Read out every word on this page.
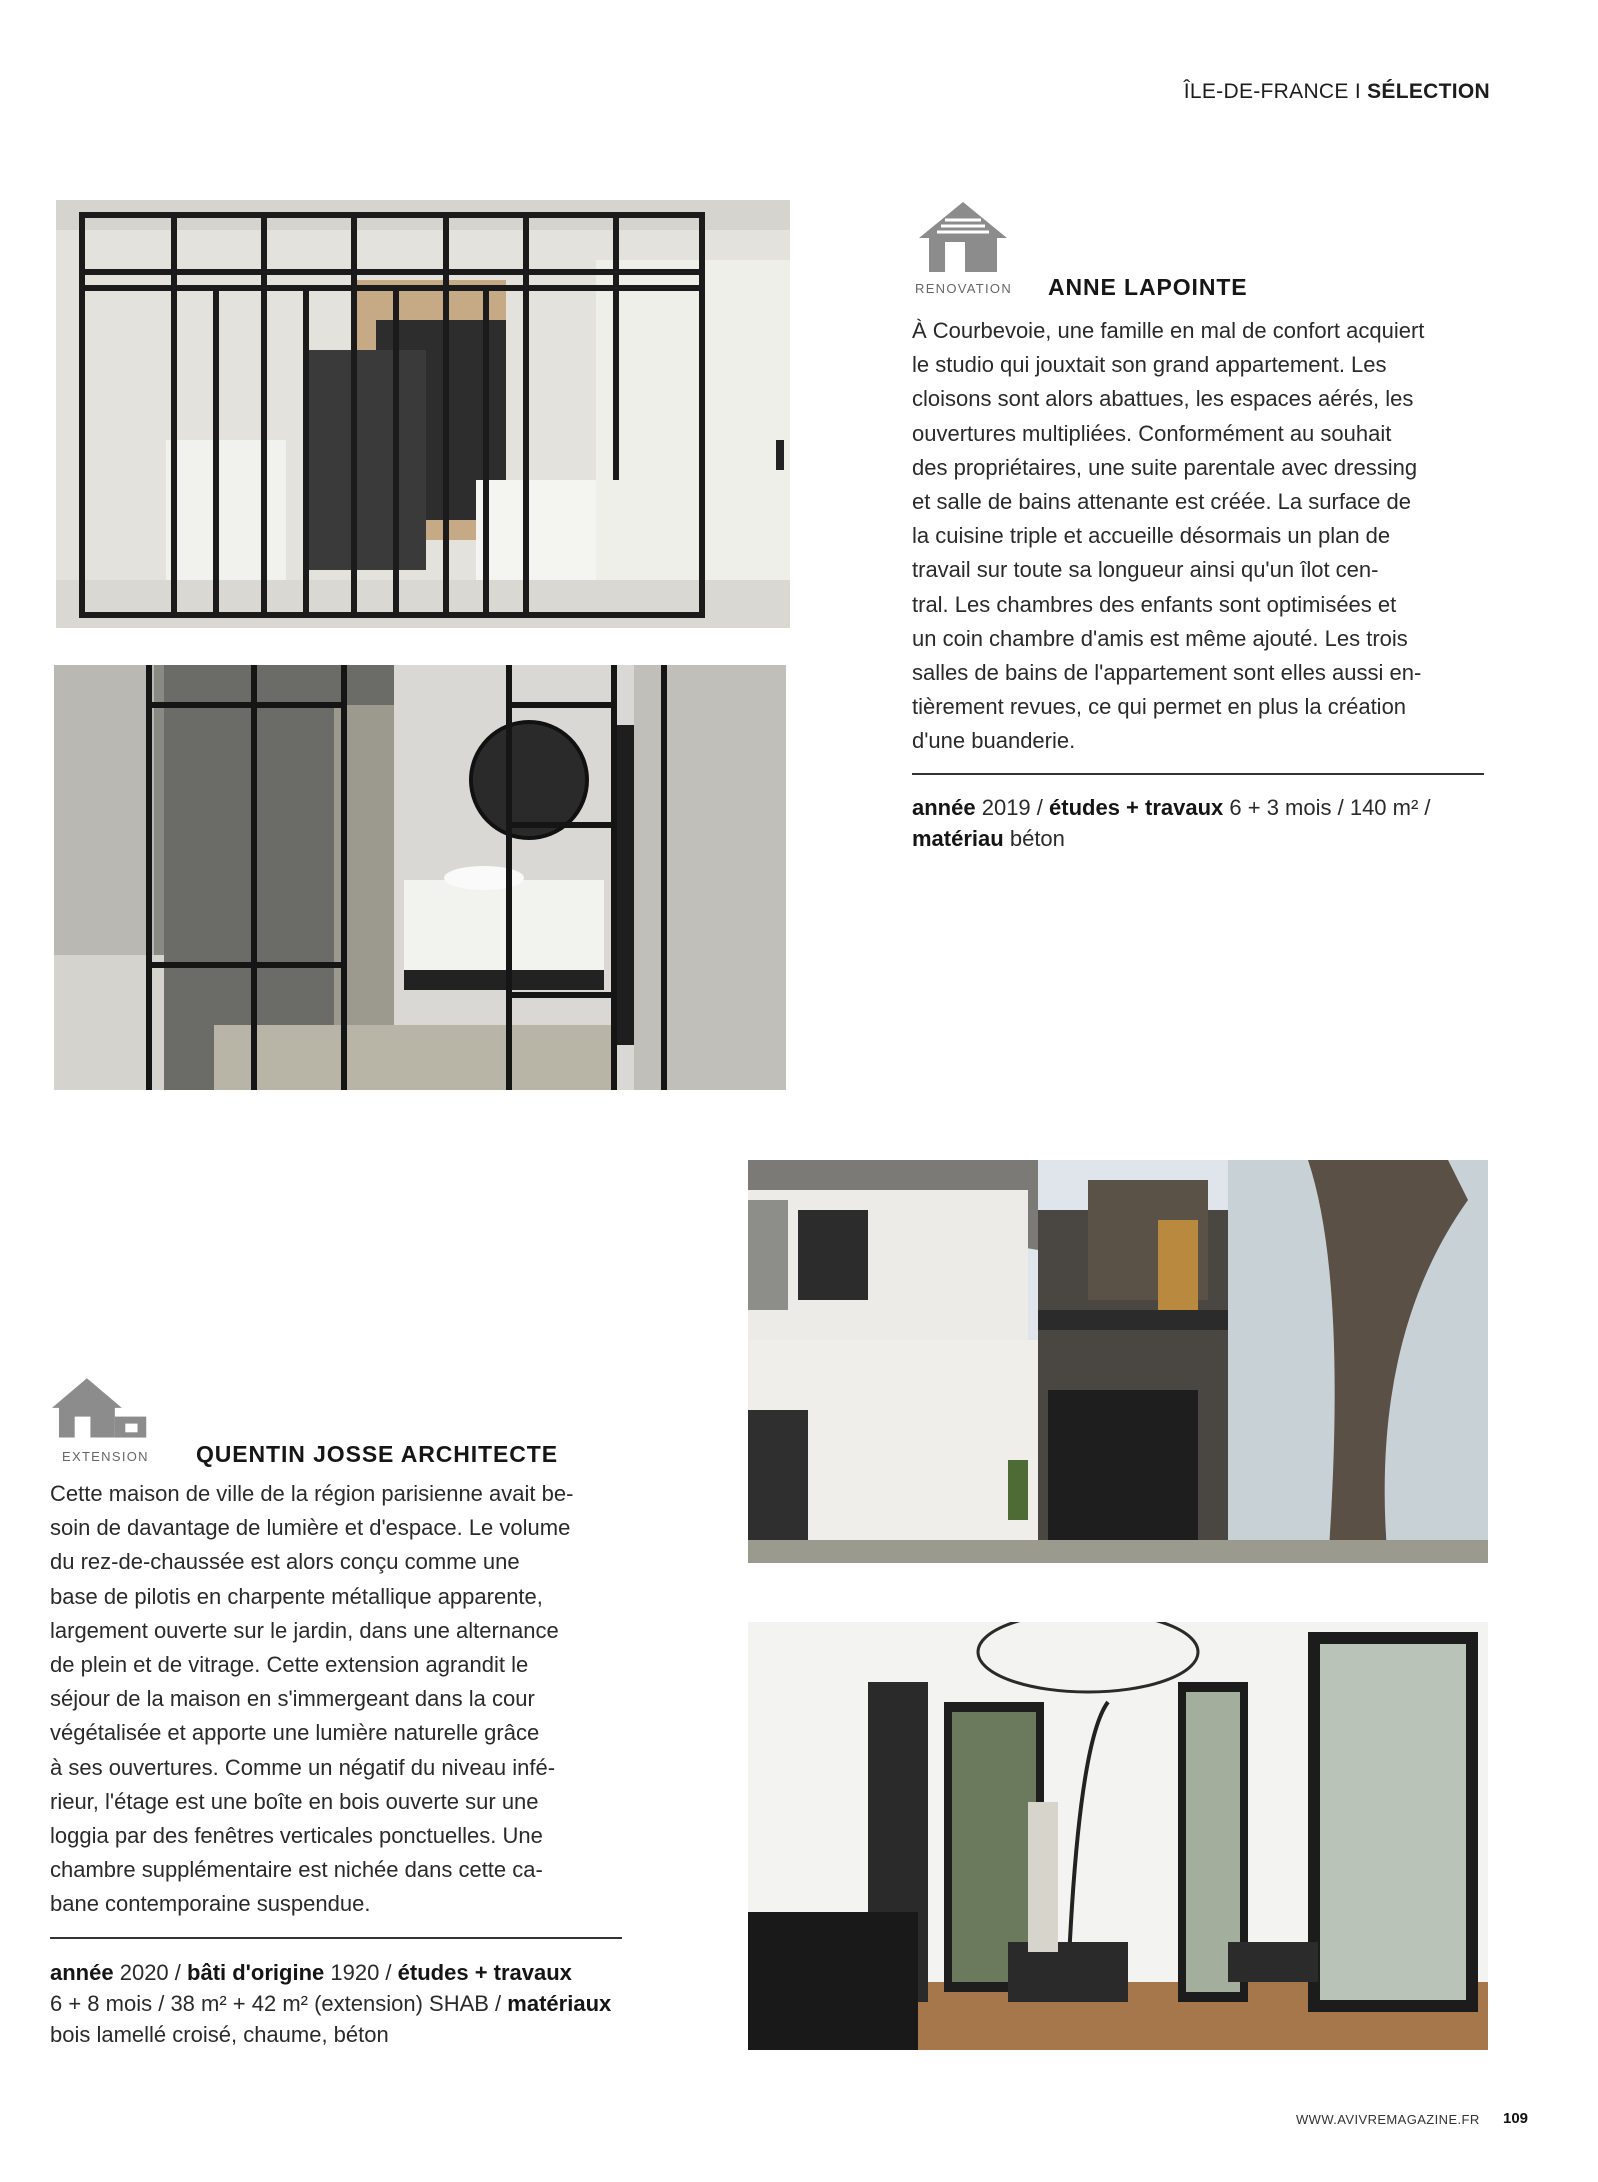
ÎLE-DE-FRANCE I SÉLECTION
RENOVATION ANNE LAPOINTE
À Courbevoie, une famille en mal de confort acquiert
le studio qui jouxtait son grand appartement. Les
cloisons sont alors abattues, les espaces aérés, les
ouvertures multipliées. Conformément au souhait
des propriétaires, une suite parentale avec dressing
et salle de bains attenante est créée. La surface de
la cuisine triple et accueille désormais un plan de
travail sur toute sa longueur ainsi qu'un îlot cen-
tral. Les chambres des enfants sont optimisées et
un coin chambre d'amis est même ajouté. Les trois
salles de bains de l'appartement sont elles aussi en-
tièrement revues, ce qui permet en plus la création
d'une buanderie.
année 2019 / études + travaux 6 + 3 mois / 140 m² /
matériau béton
EXTENSION QUENTIN JOSSE ARCHITECTE
Cette maison de ville de la région parisienne avait be-
soin de davantage de lumière et d'espace. Le volume
du rez-de-chaussée est alors conçu comme une
base de pilotis en charpente métallique apparente,
largement ouverte sur le jardin, dans une alternance
de plein et de vitrage. Cette extension agrandit le
séjour de la maison en s'immergeant dans la cour
végétalisée et apporte une lumière naturelle grâce
à ses ouvertures. Comme un négatif du niveau infé-
rieur, l'étage est une boîte en bois ouverte sur une
loggia par des fenêtres verticales ponctuelles. Une
chambre supplémentaire est nichée dans cette ca-
bane contemporaine suspendue.
année 2020 / bâti d'origine 1920 / études + travaux
6 + 8 mois / 38 m² + 42 m² (extension) SHAB / matériaux
bois lamellé croisé, chaume, béton
WWW.AVIVREMAGAZINE.FR 109
